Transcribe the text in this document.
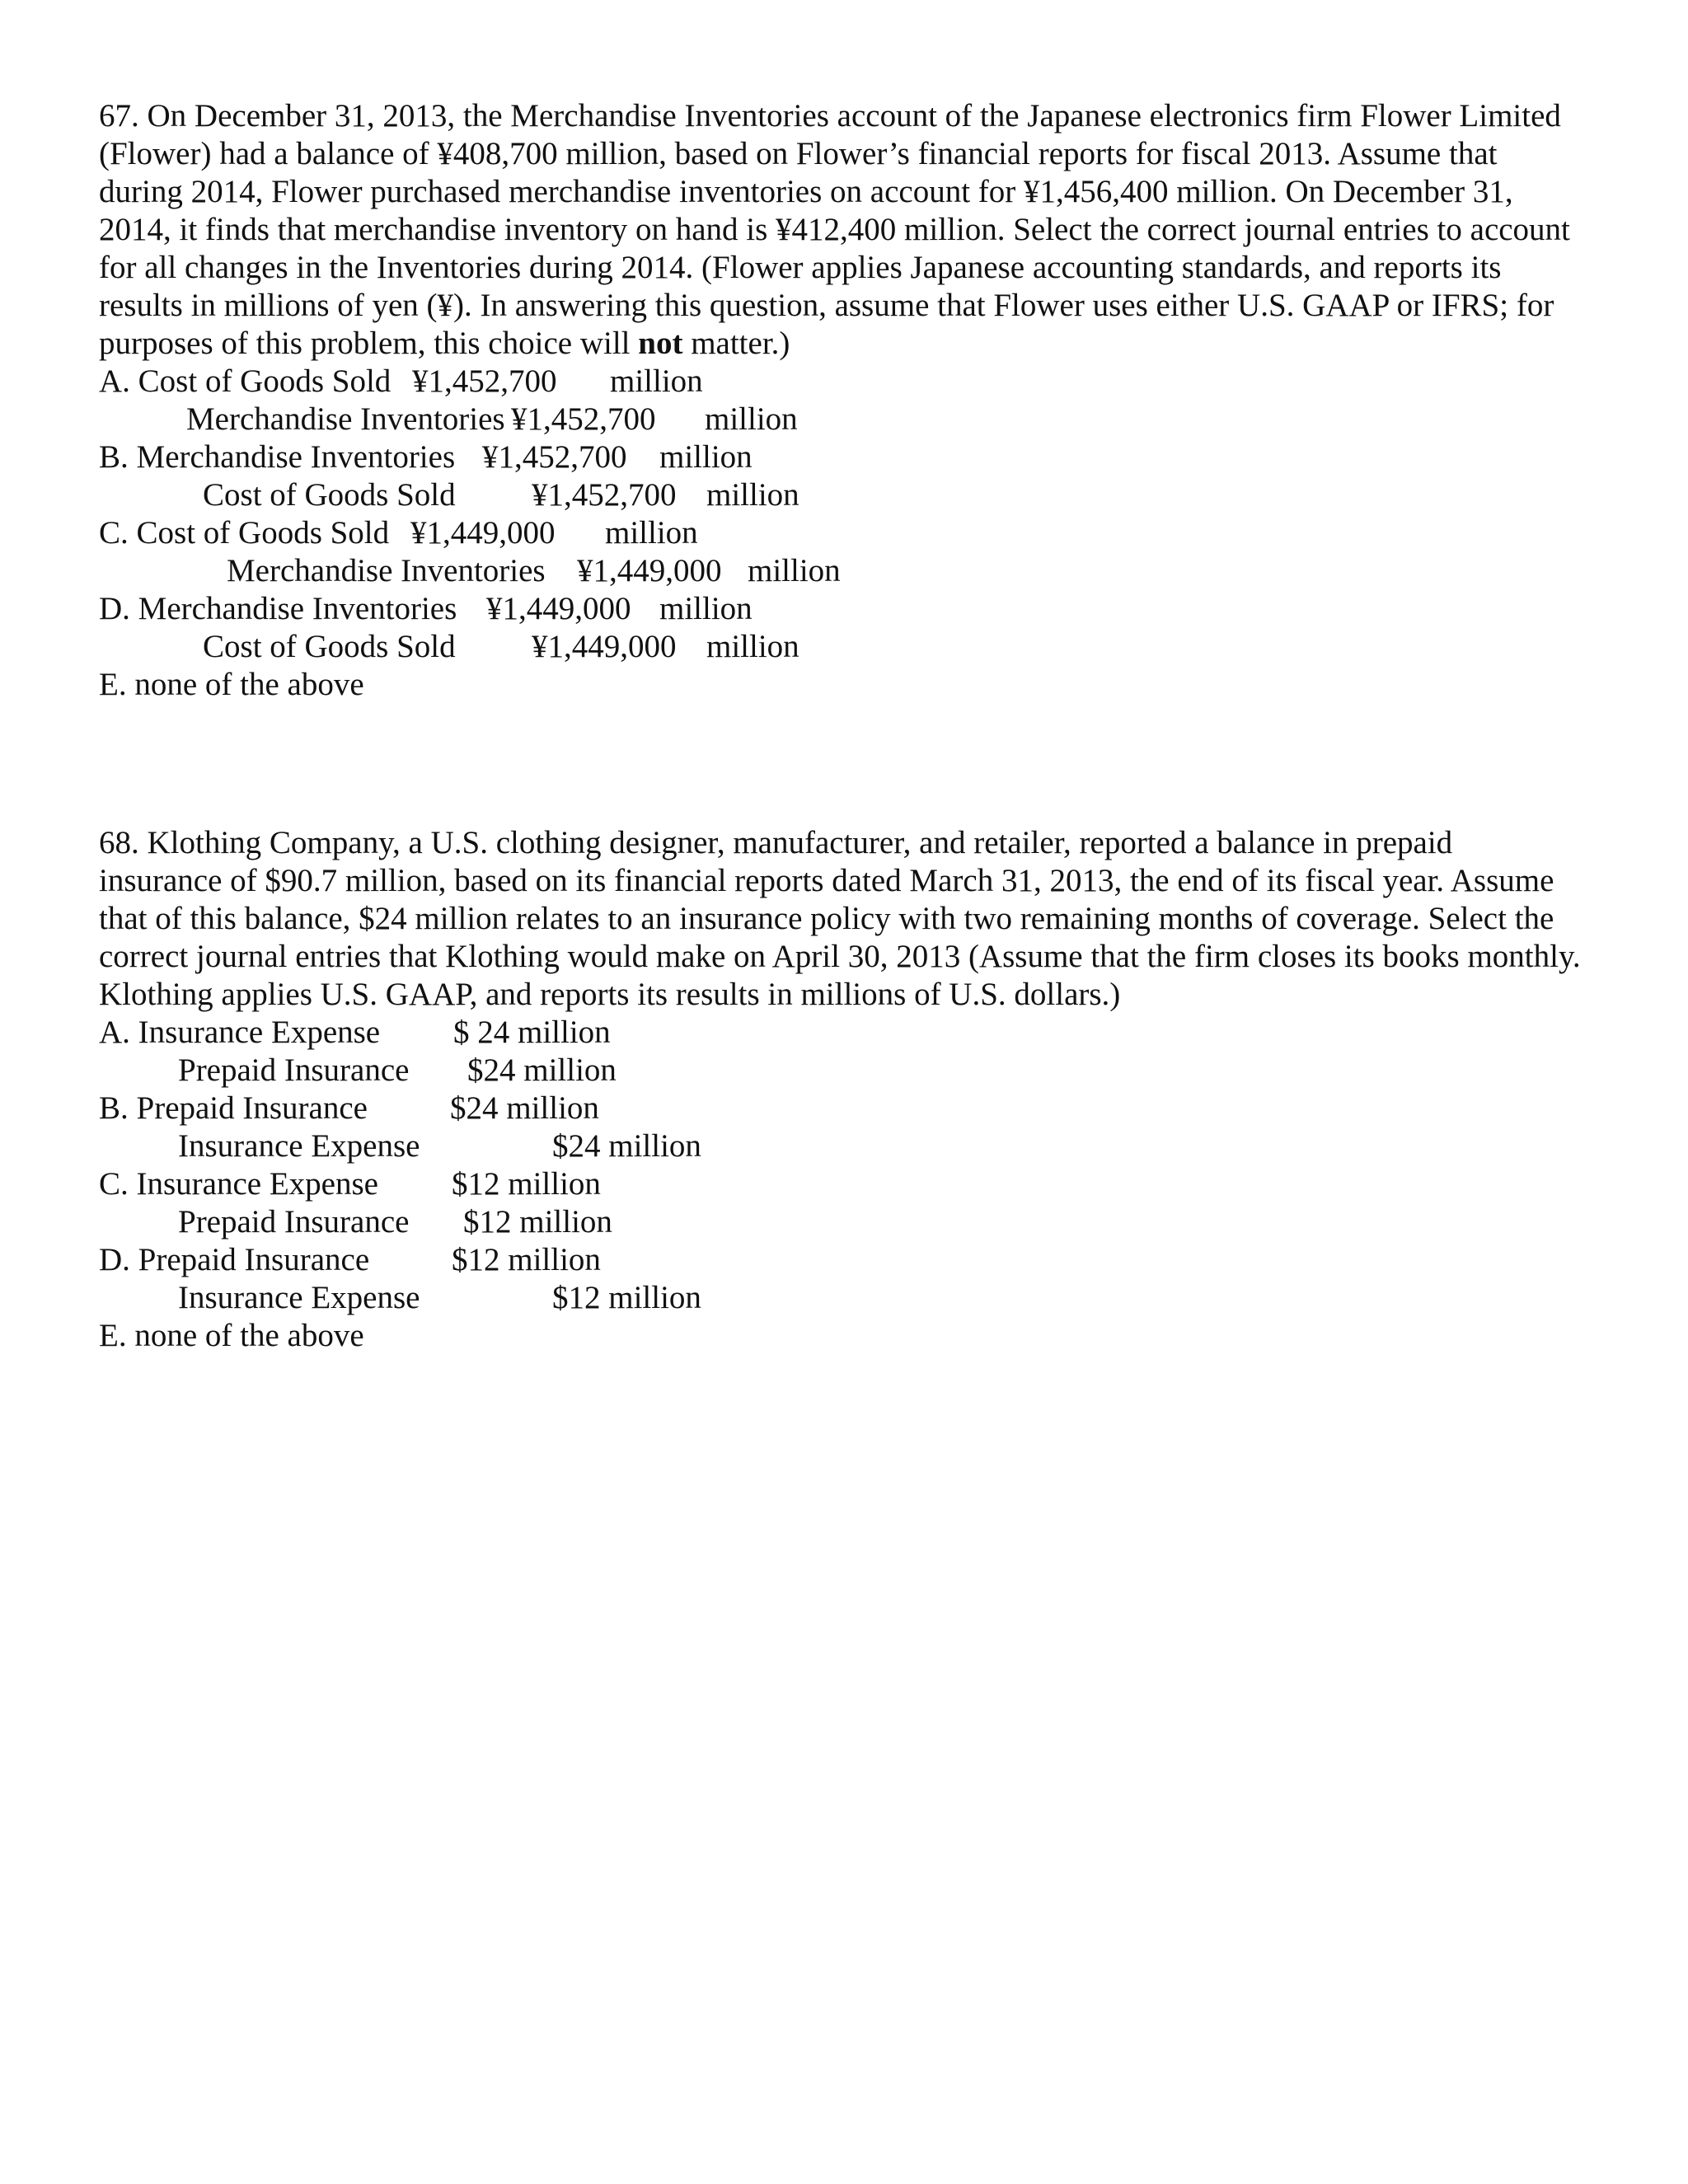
67. On December 31, 2013, the Merchandise Inventories account of the Japanese electronics firm Flower Limited (Flower) had a balance of ¥408,700 million, based on Flower’s financial reports for fiscal 2013. Assume that during 2014, Flower purchased merchandise inventories on account for ¥1,456,400 million. On December 31, 2014, it finds that merchandise inventory on hand is ¥412,400 million. Select the correct journal entries to account for all changes in the Inventories during 2014. (Flower applies Japanese accounting standards, and reports its results in millions of yen (¥). In answering this question, assume that Flower uses either U.S. GAAP or IFRS; for purposes of this problem, this choice will not matter.)

A. Cost of Goods Sold ¥1,452,700 million
Merchandise Inventories ¥1,452,700 million
B. Merchandise Inventories ¥1,452,700 million
Cost of Goods Sold ¥1,452,700 million
C. Cost of Goods Sold ¥1,449,000 million
Merchandise Inventories ¥1,449,000 million
D. Merchandise Inventories ¥1,449,000 million
Cost of Goods Sold ¥1,449,000 million
E. none of the above

68. Klothing Company, a U.S. clothing designer, manufacturer, and retailer, reported a balance in prepaid insurance of $90.7 million, based on its financial reports dated March 31, 2013, the end of its fiscal year. Assume that of this balance, $24 million relates to an insurance policy with two remaining months of coverage. Select the correct journal entries that Klothing would make on April 30, 2013 (Assume that the firm closes its books monthly. Klothing applies U.S. GAAP, and reports its results in millions of U.S. dollars.)

A. Insurance Expense $ 24 million
Prepaid Insurance $24 million
B. Prepaid Insurance	$24 million
Insurance Expense	$24 million
C. Insurance Expense $12 million
Prepaid Insurance $12 million
D. Prepaid Insurance	$12 million
Insurance Expense	$12 million
E. none of the above
